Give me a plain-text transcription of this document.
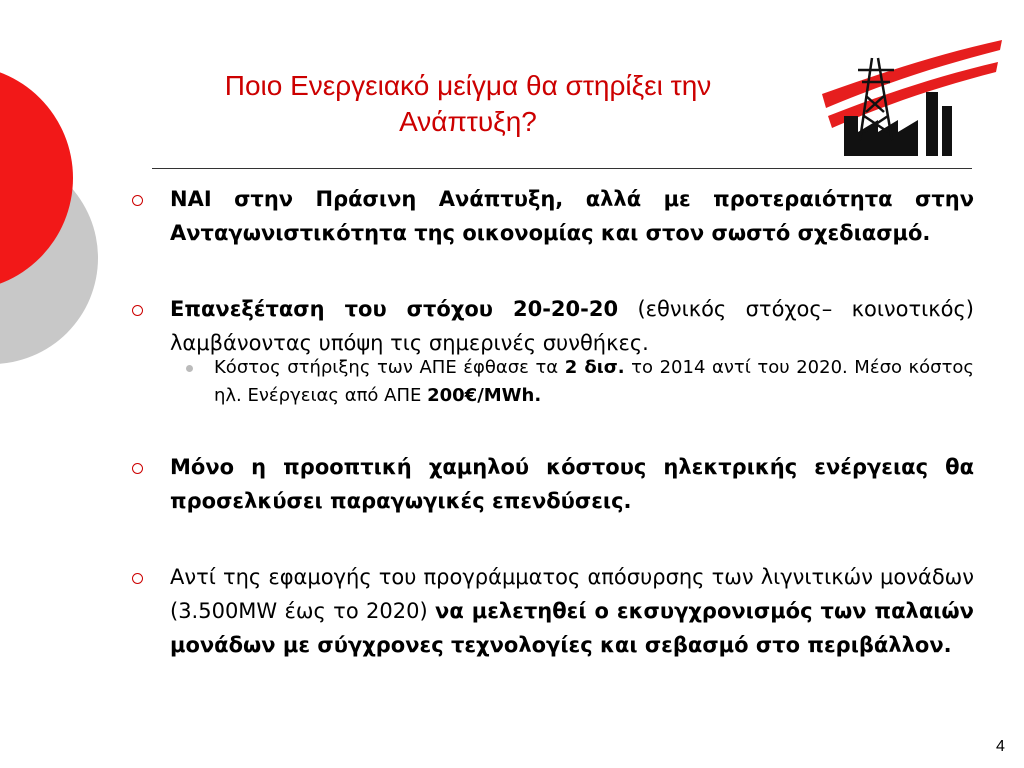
Ποιο Ενεργειακό μείγμα θα στηρίξει την
Ανάπτυξη?
ΝΑΙ στην Πράσινη Ανάπτυξη, αλλά με προτεραιότητα στην Ανταγωνιστικότητα της οικονομίας και στον σωστό σχεδιασμό.
Επανεξέταση του στόχου 20-20-20 (εθνικός στόχος– κοινοτικός) λαμβάνοντας υπόψη τις σημερινές συνθήκες.
Κόστος στήριξης των ΑΠΕ έφθασε τα 2 δισ. το 2014 αντί του 2020. Μέσο κόστος ηλ. Ενέργειας από ΑΠΕ 200€/MWh.
Μόνο η προοπτική χαμηλού κόστους ηλεκτρικής ενέργειας θα προσελκύσει παραγωγικές επενδύσεις.
Αντί της εφαμογής του προγράμματος απόσυρσης των λιγνιτικών μονάδων (3.500MW έως το 2020) να μελετηθεί ο εκσυγχρονισμός των παλαιών μονάδων με σύγχρονες τεχνολογίες και σεβασμό στο περιβάλλον.
4
